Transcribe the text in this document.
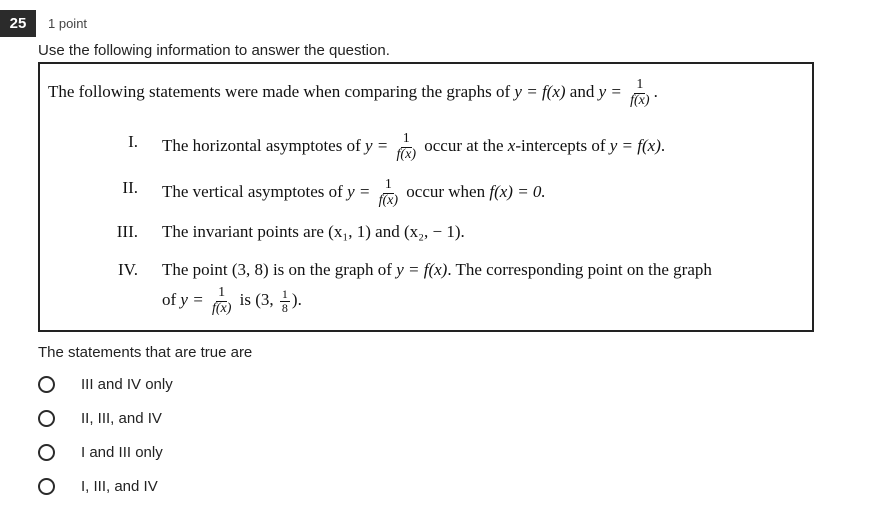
25	1 point
Use the following information to answer the question.
The following statements were made when comparing the graphs of y = f(x) and $y = \frac{1}{f(x)}$ .
I. The horizontal asymptotes of $y = \frac{1}{f(x)}$ occur at the x-intercepts of y = f(x).
II. The vertical asymptotes of $y = \frac{1}{f(x)}$ occur when f(x) = 0.
III. The invariant points are (x₁, 1) and (x₂, − 1).
IV. The point (3, 8) is on the graph of y = f(x). The corresponding point on the graph
of $y = \frac{1}{f(x)}$ is (3, $\frac{1}{8}$ ).
The statements that are true are
III and IV only
II, III, and IV
I and III only
I, III, and IV
